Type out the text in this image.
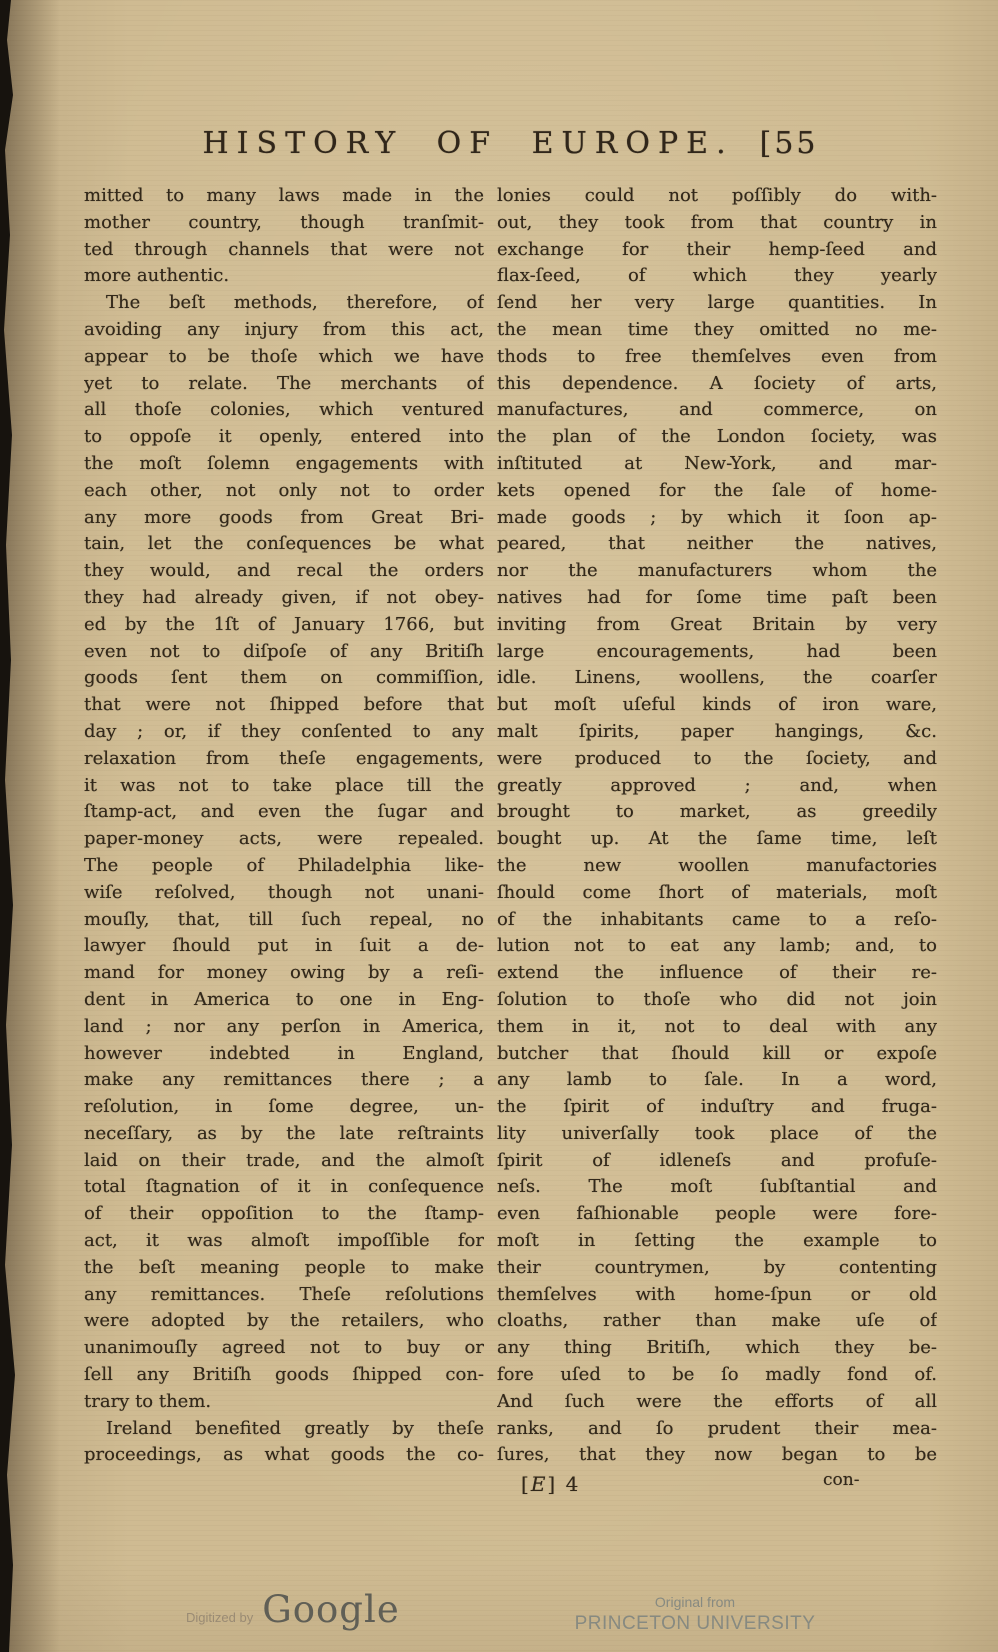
HISTORY OF EUROPE. [55
mitted to many laws made in the
mother country, though tranſmit-
ted through channels that were not
more authentic.
The beſt methods, therefore, of
avoiding any injury from this act,
appear to be thoſe which we have
yet to relate. The merchants of
all thoſe colonies, which ventured
to oppoſe it openly, entered into
the moſt ſolemn engagements with
each other, not only not to order
any more goods from Great Bri-
tain, let the conſequences be what
they would, and recal the orders
they had already given, if not obey-
ed by the 1ſt of January 1766, but
even not to diſpoſe of any Britiſh
goods ſent them on commiſſion,
that were not ſhipped before that
day ; or, if they conſented to any
relaxation from theſe engagements,
it was not to take place till the
ſtamp-act, and even the ſugar and
paper-money acts, were repealed.
The people of Philadelphia like-
wiſe reſolved, though not unani-
mouſly, that, till ſuch repeal, no
lawyer ſhould put in ſuit a de-
mand for money owing by a reſi-
dent in America to one in Eng-
land ; nor any perſon in America,
however indebted in England,
make any remittances there ; a
reſolution, in ſome degree, un-
neceſſary, as by the late reſtraints
laid on their trade, and the almoſt
total ſtagnation of it in conſequence
of their oppoſition to the ſtamp-
act, it was almoſt impoſſible for
the beſt meaning people to make
any remittances. Theſe reſolutions
were adopted by the retailers, who
unanimouſly agreed not to buy or
ſell any Britiſh goods ſhipped con-
trary to them.
Ireland benefited greatly by theſe
proceedings, as what goods the co-
lonies could not poſſibly do with-
out, they took from that country in
exchange for their hemp-ſeed and
flax-ſeed, of which they yearly
ſend her very large quantities. In
the mean time they omitted no me-
thods to free themſelves even from
this dependence. A ſociety of arts,
manufactures, and commerce, on
the plan of the London ſociety, was
inſtituted at New-York, and mar-
kets opened for the ſale of home-
made goods ; by which it ſoon ap-
peared, that neither the natives,
nor the manufacturers whom the
natives had for ſome time paſt been
inviting from Great Britain by very
large encouragements, had been
idle. Linens, woollens, the coarſer
but moſt uſeful kinds of iron ware,
malt ſpirits, paper hangings, &c.
were produced to the ſociety, and
greatly approved ; and, when
brought to market, as greedily
bought up. At the ſame time, leſt
the new woollen manufactories
ſhould come ſhort of materials, moſt
of the inhabitants came to a reſo-
lution not to eat any lamb; and, to
extend the influence of their re-
ſolution to thoſe who did not join
them in it, not to deal with any
butcher that ſhould kill or expoſe
any lamb to ſale. In a word,
the ſpirit of induſtry and fruga-
lity univerſally took place of the
ſpirit of idleneſs and profuſe-
neſs. The moſt ſubſtantial and
even faſhionable people were fore-
moſt in ſetting the example to
their countrymen, by contenting
themſelves with home-ſpun or old
cloaths, rather than make uſe of
any thing Britiſh, which they be-
fore uſed to be ſo madly fond of.
And ſuch were the efforts of all
ranks, and ſo prudent their mea-
ſures, that they now began to be
[E] 4	con-
Digitized by Google	Original from
PRINCETON UNIVERSITY
